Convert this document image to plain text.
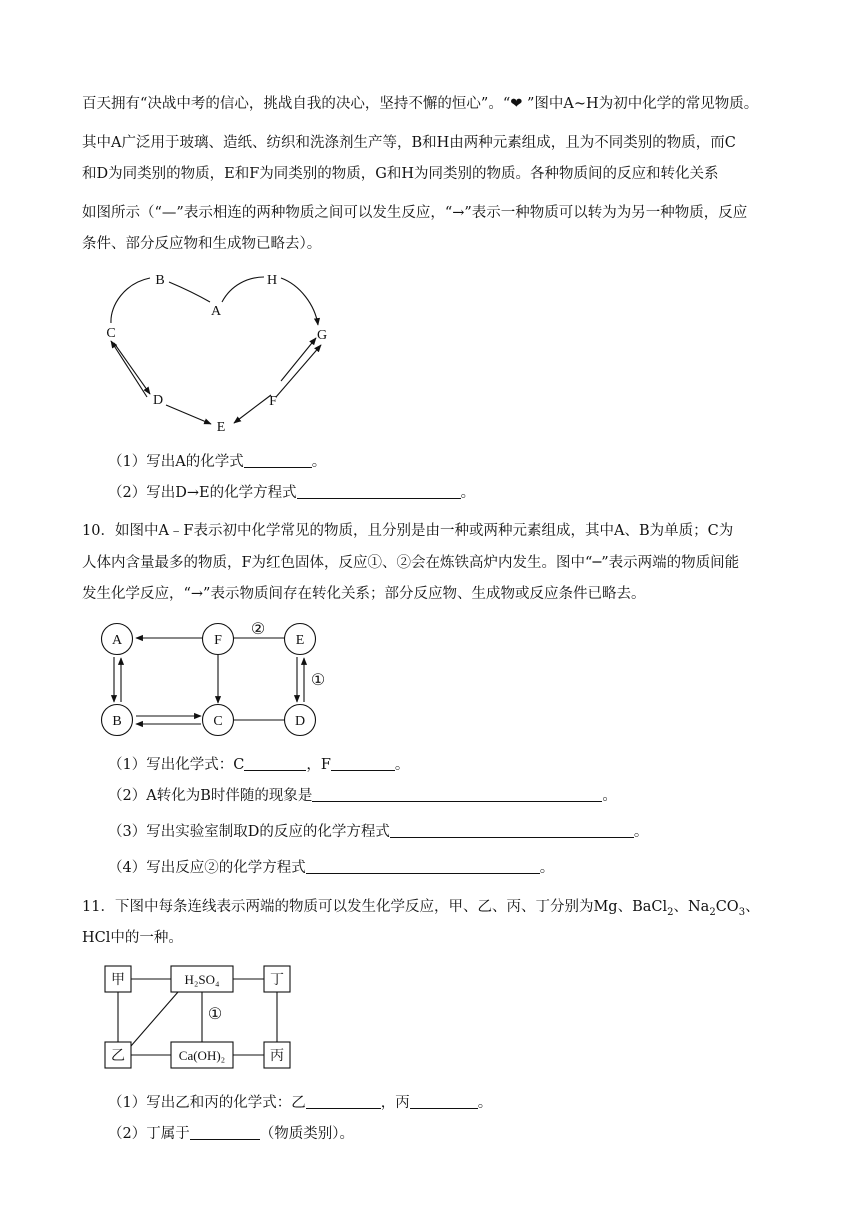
百天拥有“决战中考的信心，挑战自我的决心，坚持不懈的恒心”。“❤ ”图中A~H为初中化学的常见物质。
其中A广泛用于玻璃、造纸、纺织和洗涤剂生产等，B和H由两种元素组成，且为不同类别的物质，而C
和D为同类别的物质，E和F为同类别的物质，G和H为同类别的物质。各种物质间的反应和转化关系
如图所示（“—”表示相连的两种物质之间可以发生反应，“→”表示一种物质可以转为为另一种物质，反应
条件、部分反应物和生成物已略去）。
B	H
A
C	G
D	F
E
（1）写出A的化学式	。
（2）写出D→E的化学方程式	。
10．如图中A﹣F表示初中化学常见的物质，且分别是由一种或两种元素组成，其中A、B为单质；C为
人体内含量最多的物质，F为红色固体，反应①、②会在炼铁高炉内发生。图中“─”表示两端的物质间能
发生化学反应，“→”表示物质间存在转化关系；部分反应物、生成物或反应条件已略去。
A	F	E
B	C	D
②
①
（1）写出化学式：C	，F	。
（2）A转化为B时伴随的现象是	。
（3）写出实验室制取D的反应的化学方程式	。
（4）写出反应②的化学方程式	。
11．下图中每条连线表示两端的物质可以发生化学反应，甲、乙、丙、丁分别为Mg、BaCl$_2$、$Na_2CO_3$、
HCl中的一种。
甲	H₂SO₄	丁
乙	Ca(OH)₂	丙
①
（1）写出乙和丙的化学式：乙	，丙	。
（2）丁属于	（物质类别）。
